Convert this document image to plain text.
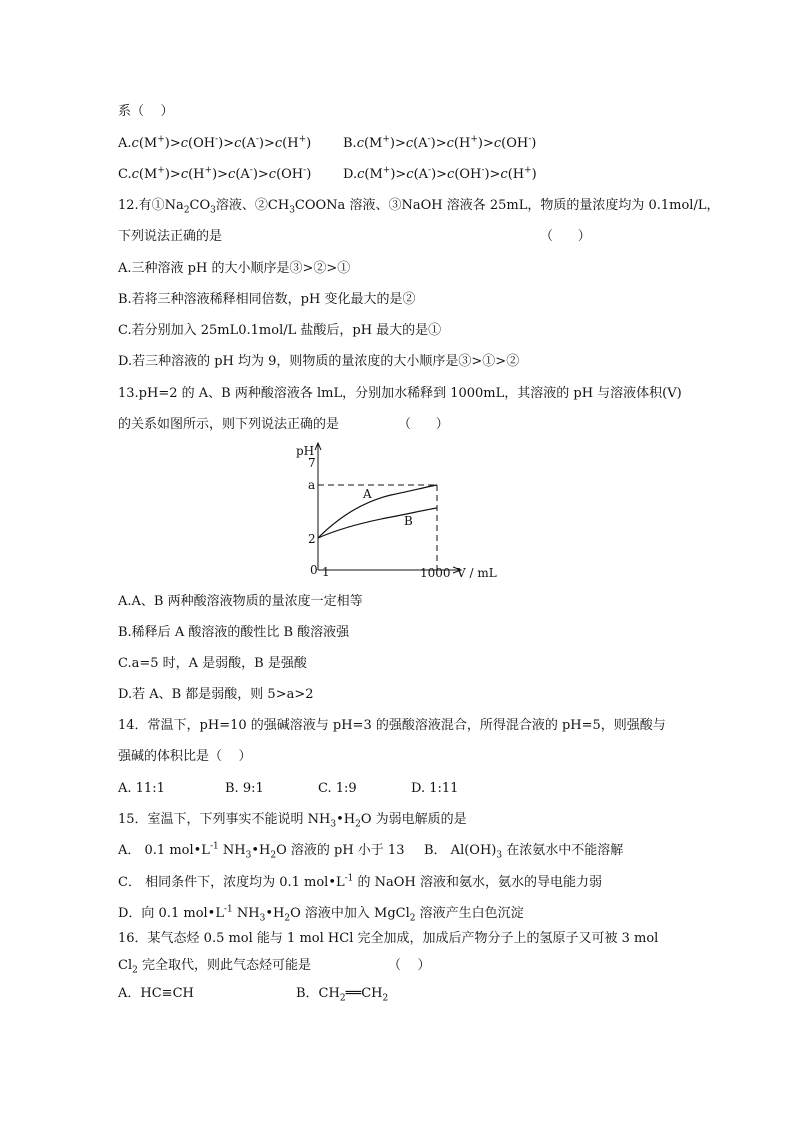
系（    ）
A.c(M+)>c(OH-)>c(A-)>c(H+) B.c(M+)>c(A-)>c(H+)>c(OH-)
C.c(M+)>c(H+)>c(A-)>c(OH-) D.c(M+)>c(A-)>c(OH-)>c(H+)
12.有$①Na_2CO_3$溶液、$②CH_3COONa$ 溶液、③NaOH 溶液各 25mL，物质的量浓度均为 0.1mol/L，
下列说法正确的是	（      ）
A.三种溶液 pH 的大小顺序是③>②>①
B.若将三种溶液稀释相同倍数，pH 变化最大的是②
C.若分别加入 25mL0.1mol/L 盐酸后，pH 最大的是①
D.若三种溶液的 pH 均为 9，则物质的量浓度的大小顺序是③>①>②
13.pH=2 的 A、B 两种酸溶液各 lmL，分别加水稀释到 1000mL，其溶液的 pH 与溶液体积(V)
的关系如图所示，则下列说法正确的是	（      ）
pH
7
a
2
0 1	1000 V / mL
A
B
A.A、B 两种酸溶液物质的量浓度一定相等
B.稀释后 A 酸溶液的酸性比 B 酸溶液强
C.a=5 时，A 是弱酸，B 是强酸
D.若 A、B 都是弱酸，则 5>a>2
14．常温下，pH=10 的强碱溶液与 pH=3 的强酸溶液混合，所得混合液的 pH=5，则强酸与
强碱的体积比是（    ）
A. 11:1	B. 9:1	C. 1:9	D. 1:11
15．室温下，下列事实不能说明 $NH_3•H_2O$ 为弱电解质的是
A． 0.1 $mol•L^{-1}$ $NH_3•H_2O$ 溶液的 pH 小于 13 B． $Al(OH)_3$ 在浓氨水中不能溶解
C． 相同条件下，浓度均为 0.1 $mol•L^{-1}$ 的 NaOH 溶液和氨水，氨水的导电能力弱
D．向 0.1 $mol•L^{-1}$ $NH_3•H_2O$ 溶液中加入 MgCl$_2$ 溶液产生白色沉淀
16．某气态烃 0.5 mol 能与 1 mol HCl 完全加成，加成后产物分子上的氢原子又可被 3 mol
$Cl_2$ 完全取代，则此气态烃可能是	（    ）
A．HC≡CH	B．$CH_2══CH_2$
